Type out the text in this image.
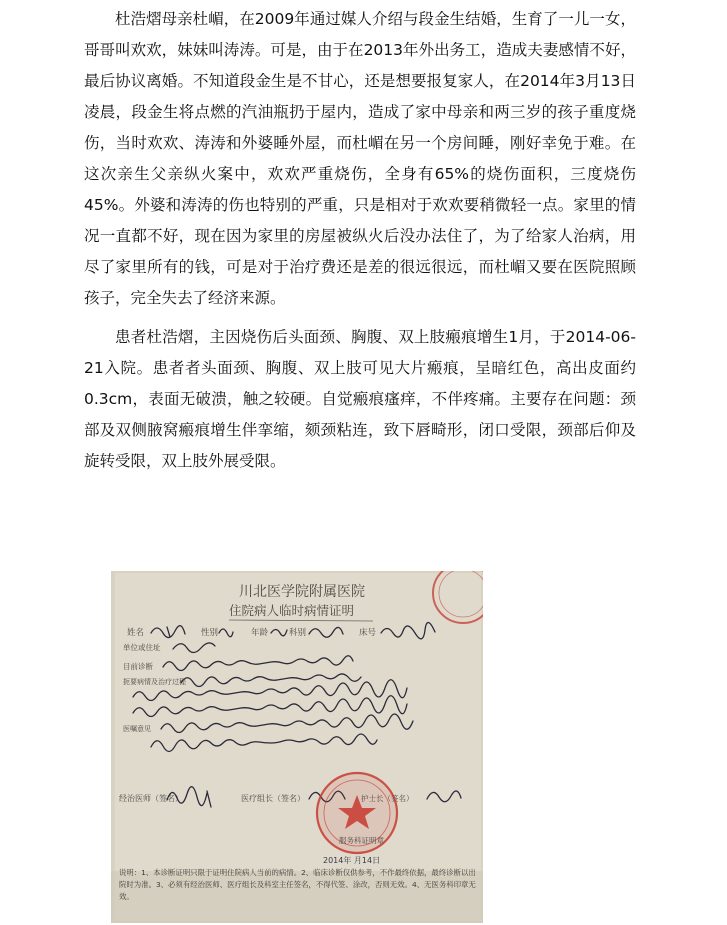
杜浩熠母亲杜嵋，在2009年通过媒人介绍与段金生结婚，生育了一儿一女，哥哥叫欢欢，妹妹叫涛涛。可是，由于在2013年外出务工，造成夫妻感情不好，最后协议离婚。不知道段金生是不甘心，还是想要报复家人，在2014年3月13日凌晨，段金生将点燃的汽油瓶扔于屋内，造成了家中母亲和两三岁的孩子重度烧伤，当时欢欢、涛涛和外婆睡外屋，而杜嵋在另一个房间睡，刚好幸免于难。在这次亲生父亲纵火案中，欢欢严重烧伤，全身有65%的烧伤面积，三度烧伤45%。外婆和涛涛的伤也特别的严重，只是相对于欢欢要稍微轻一点。家里的情况一直都不好，现在因为家里的房屋被纵火后没办法住了，为了给家人治病，用尽了家里所有的钱，可是对于治疗费还是差的很远很远，而杜嵋又要在医院照顾孩子，完全失去了经济来源。

患者杜浩熠，主因烧伤后头面颈、胸腹、双上肢瘢痕增生1月，于2014-06-21入院。患者者头面颈、胸腹、双上肢可见大片瘢痕，呈暗红色，高出皮面约0.3cm，表面无破溃，触之较硬。自觉瘢痕瘙痒，不伴疼痛。主要存在问题：颈部及双侧腋窝瘢痕增生伴挛缩，颏颈粘连，致下唇畸形，闭口受限，颈部后仰及旋转受限，双上肢外展受限。

川北医学院附属医院
住院病人临时病情证明
姓名	性别	年龄 科别	床号
单位或住址
目前诊断
扼要病情及治疗过程
医嘱意见
经治医师（签名）	医疗组长（签名）	护士长（签名）
服务科证明章
2014年 月14日
说明：1、本诊断证明只限于证明住院病人当前的病情。2、临床诊断仅供参考，不作最终依据，最终诊断以出院时为准。3、必须有经治医师、医疗组长及科室主任签名，不得代签、涂改，否则无效。4、无医务科印章无效。
